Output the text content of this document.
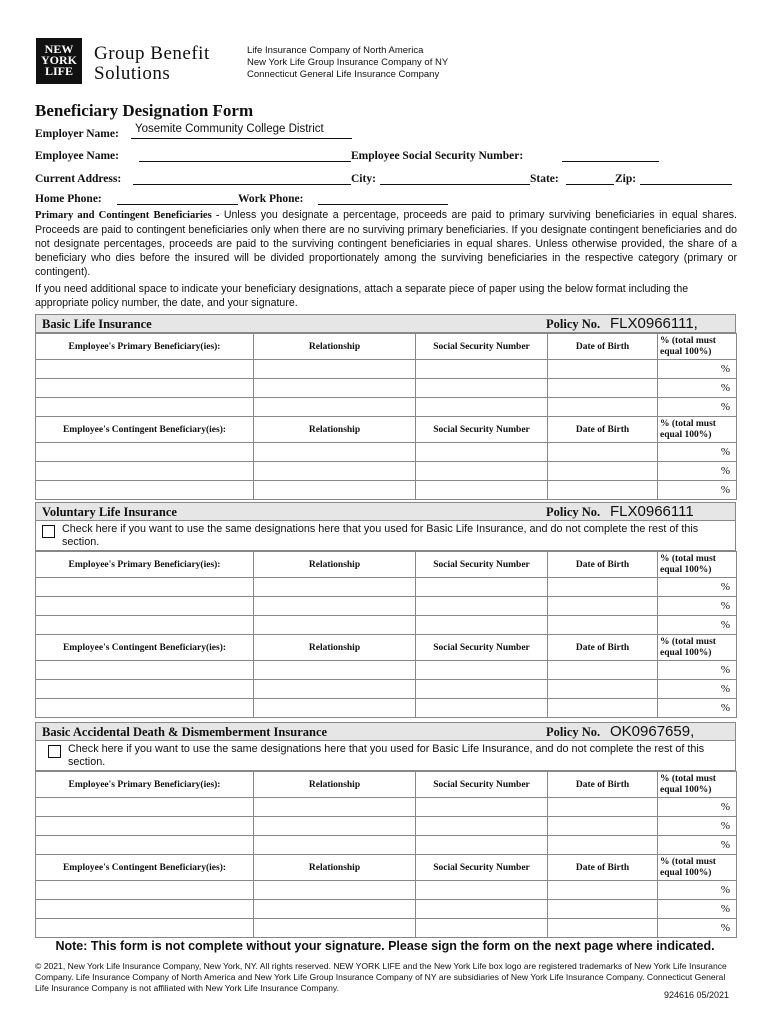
NEW
YORK
LIFE
Group Benefit
Solutions
Life Insurance Company of North America
New York Life Group Insurance Company of NY
Connecticut General Life Insurance Company
Beneficiary Designation Form
Employer Name: Yosemite Community College District
Employee Name:	Employee Social Security Number:
Current Address:	City:	State:	Zip:
Home Phone:	Work Phone:
Primary and Contingent Beneficiaries - Unless you designate a percentage, proceeds are paid to primary surviving beneficiaries in equal shares. Proceeds are paid to contingent beneficiaries only when there are no surviving primary beneficiaries. If you designate contingent beneficiaries and do not designate percentages, proceeds are paid to the surviving contingent beneficiaries in equal shares. Unless otherwise provided, the share of a beneficiary who dies before the insured will be divided proportionately among the surviving beneficiaries in the respective category (primary or contingent).
If you need additional space to indicate your beneficiary designations, attach a separate piece of paper using the below format including the appropriate policy number, the date, and your signature.
Basic Life Insurance	Policy No. FLX0966111,
Employee's Primary Beneficiary(ies):	Relationship	Social Security Number	Date of Birth	% (total must equal 100%)
				%
				%
				%
Employee's Contingent Beneficiary(ies):	Relationship	Social Security Number	Date of Birth	% (total must equal 100%)
				%
				%
				%
Voluntary Life Insurance	Policy No. FLX0966111
Check here if you want to use the same designations here that you used for Basic Life Insurance, and do not complete the rest of this section.
Employee's Primary Beneficiary(ies):	Relationship	Social Security Number	Date of Birth	% (total must equal 100%)
				%
				%
				%
Employee's Contingent Beneficiary(ies):	Relationship	Social Security Number	Date of Birth	% (total must equal 100%)
				%
				%
				%
Basic Accidental Death & Dismemberment Insurance	Policy No. OK0967659,
Check here if you want to use the same designations here that you used for Basic Life Insurance, and do not complete the rest of this section.
Employee's Primary Beneficiary(ies):	Relationship	Social Security Number	Date of Birth	% (total must equal 100%)
				%
				%
				%
Employee's Contingent Beneficiary(ies):	Relationship	Social Security Number	Date of Birth	% (total must equal 100%)
				%
				%
				%
Note: This form is not complete without your signature. Please sign the form on the next page where indicated.
© 2021, New York Life Insurance Company, New York, NY. All rights reserved. NEW YORK LIFE and the New York Life box logo are registered trademarks of New York Life Insurance Company. Life Insurance Company of North America and New York Life Group Insurance Company of NY are subsidiaries of New York Life Insurance Company. Connecticut General Life Insurance Company is not affiliated with New York Life Insurance Company.
924616 05/2021
